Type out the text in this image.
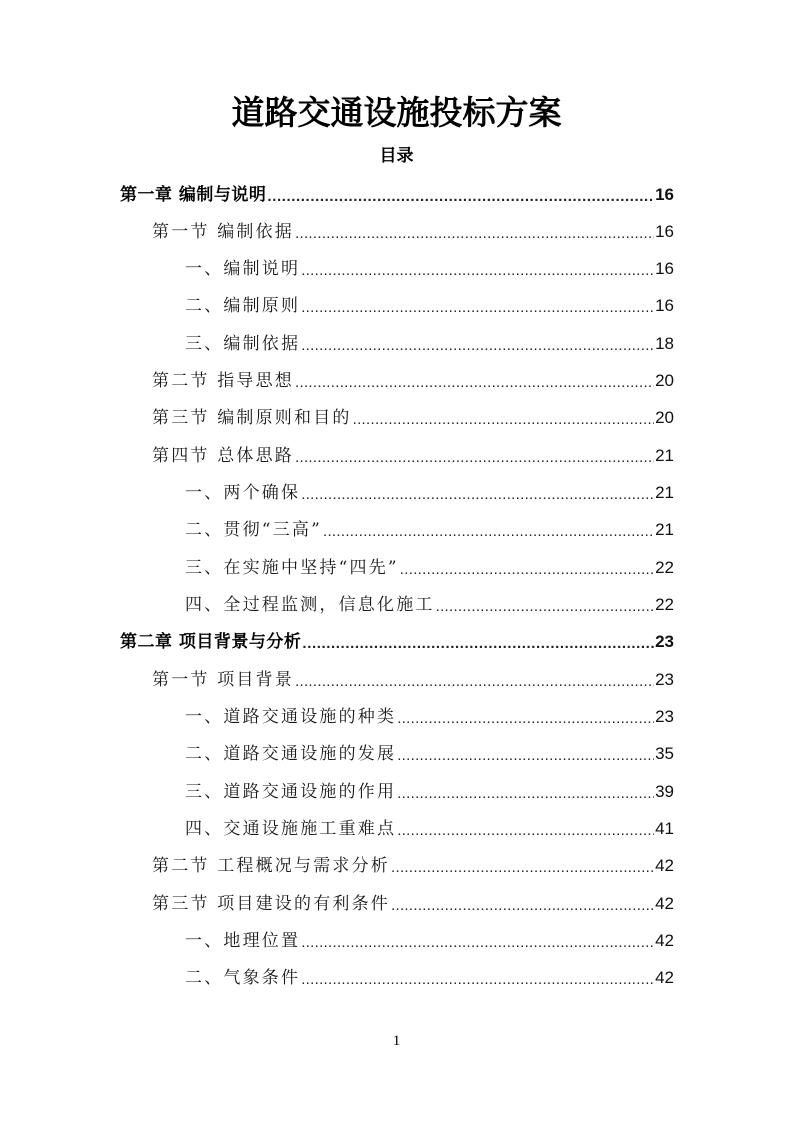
道路交通设施投标方案
目录
第一章 编制与说明 .....	16
第一节 编制依据 .....	16
一、编制说明 .....	16
二、编制原则 .....	16
三、编制依据 .....	18
第二节 指导思想 .....	20
第三节 编制原则和目的 .....	20
第四节 总体思路 .....	21
一、两个确保 .....	21
二、贯彻“三高” .....	21
三、在实施中坚持“四先” .....	22
四、全过程监测，信息化施工 .....	22
第二章 项目背景与分析 .....	23
第一节 项目背景 .....	23
一、道路交通设施的种类 .....	23
二、道路交通设施的发展 .....	35
三、道路交通设施的作用 .....	39
四、交通设施施工重难点 .....	41
第二节 工程概况与需求分析 .....	42
第三节 项目建设的有利条件 .....	42
一、地理位置 .....	42
二、气象条件 .....	42
1
